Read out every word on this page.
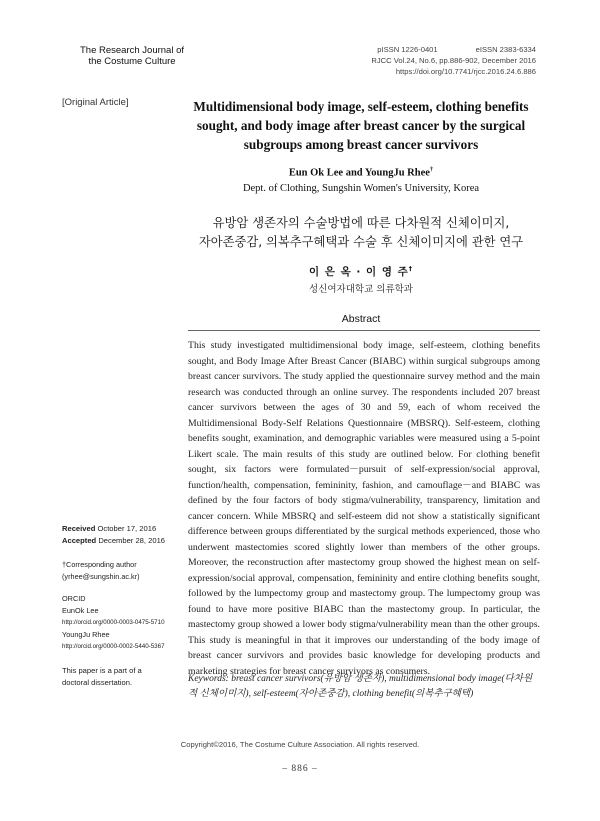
The Research Journal of
the Costume Culture
pISSN 1226-0401	eISSN 2383-6334
RJCC Vol.24, No.6, pp.886-902, December 2016
https://doi.org/10.7741/rjcc.2016.24.6.886
[Original Article]	Multidimensional body image, self-esteem, clothing benefits
sought, and body image after breast cancer by the surgical
subgroups among breast cancer survivors
Eun Ok Lee and YoungJu Rhee†
Dept. of Clothing, Sungshin Women's University, Korea
유방암 생존자의 수술방법에 따른 다차원적 신체이미지,
자아존중감, 의복추구혜택과 수술 후 신체이미지에 관한 연구
이 은 옥 · 이 영 주†
성신여자대학교 의류학과
Abstract
This study investigated multidimensional body image, self-esteem, clothing benefits sought, and Body Image After Breast Cancer (BIABC) within surgical subgroups among breast cancer survivors. The study applied the questionnaire survey method and the main research was conducted through an online survey. The respondents included 207 breast cancer survivors between the ages of 30 and 59, each of whom received the Multidimensional Body-Self Relations Questionnaire (MBSRQ). Self-esteem, clothing benefits sought, examination, and demographic variables were measured using a 5-point Likert scale. The main results of this study are outlined below. For clothing benefit sought, six factors were formulated－pursuit of self-expression/social approval, function/health, compensation, femininity, fashion, and camouflage－and BIABC was defined by the four factors of body stigma/vulnerability, transparency, limitation and cancer concern. While MBSRQ and self-esteem did not show a statistically significant difference between groups differentiated by the surgical methods experienced, those who underwent mastectomies scored slightly lower than members of the other groups. Moreover, the reconstruction after mastectomy group showed the highest mean on self-expression/social approval, compensation, femininity and entire clothing benefits sought, followed by the lumpectomy group and mastectomy group. The lumpectomy group was found to have more positive BIABC than the mastectomy group. In particular, the mastectomy group showed a lower body stigma/vulnerability mean than the other groups. This study is meaningful in that it improves our understanding of the body image of breast cancer survivors and provides basic knowledge for developing products and marketing strategies for breast cancer survivors as consumers.
Keywords: breast cancer survivors(유방암 생존자), multidimensional body image(다차원적 신체이미지), self-esteem(자아존중감), clothing benefit(의복추구혜택)
Received October 17, 2016
Accepted December 28, 2016
†Corresponding author
(yrhee@sungshin.ac.kr)
ORCID
EunOk Lee
http://orcid.org/0000-0003-0475-5710
YoungJu Rhee
http://orcid.org/0000-0002-5440-5367
This paper is a part of a
doctoral dissertation.
Copyright©2016, The Costume Culture Association. All rights reserved.
– 886 –
